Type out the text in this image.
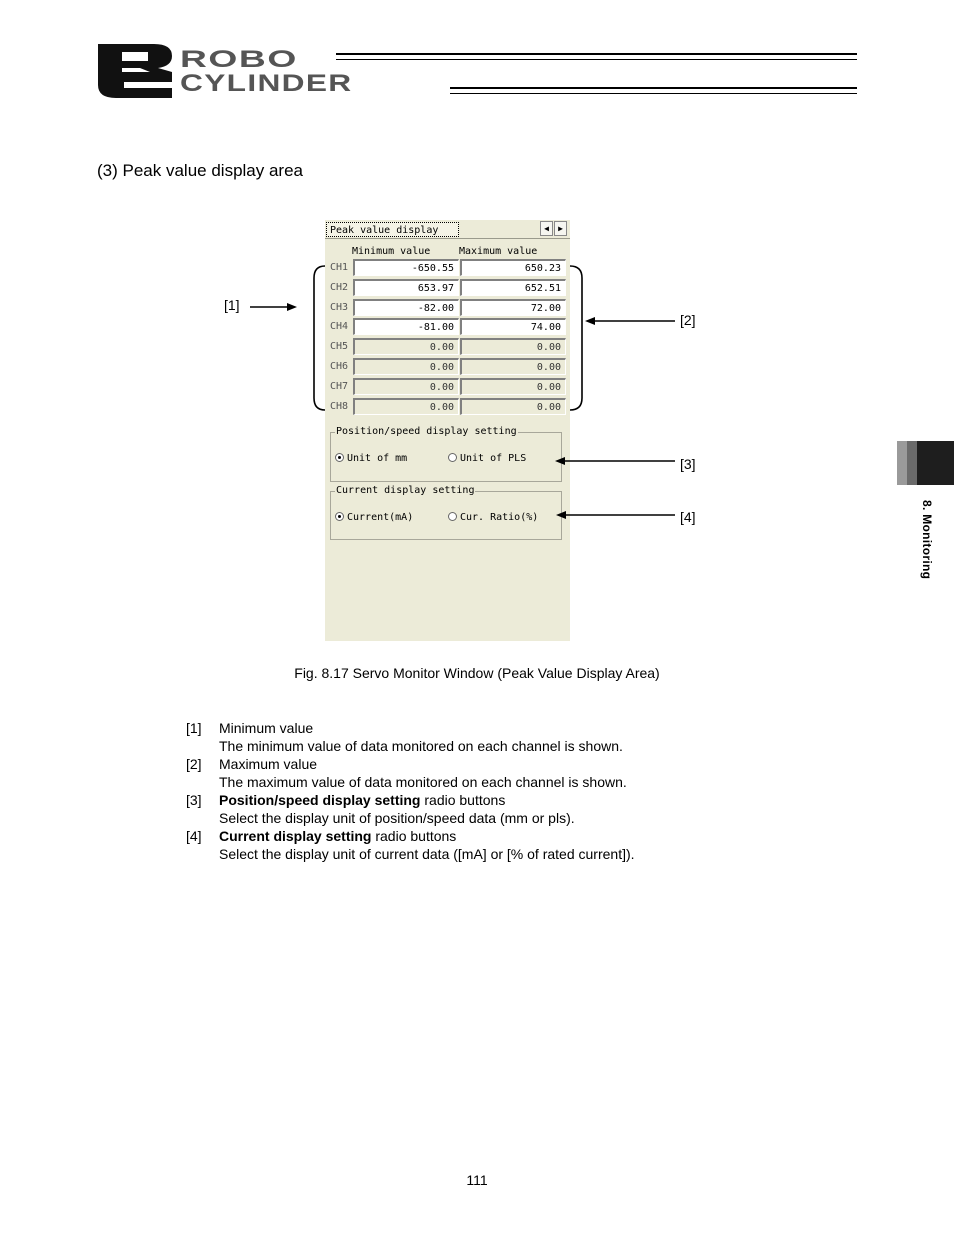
ROBO
CYLINDER
(3) Peak value display area
8. Monitoring
Peak value display	◀	▶
Minimum value	Maximum value
CH1	-650.55	650.23
CH2	653.97	652.51
CH3	-82.00	72.00
CH4	-81.00	74.00
CH5	0.00	0.00
CH6	0.00	0.00
CH7	0.00	0.00
CH8	0.00	0.00
Position/speed display setting
Unit of mm	Unit of PLS
Current display setting
Current(mA)	Cur. Ratio(%)
[1]
[2]
[3]
[4]
Fig. 8.17 Servo Monitor Window (Peak Value Display Area)
[1] Minimum value
The minimum value of data monitored on each channel is shown.
[2] Maximum value
The maximum value of data monitored on each channel is shown.
[3] Position/speed display setting radio buttons
Select the display unit of position/speed data (mm or pls).
[4] Current display setting radio buttons
Select the display unit of current data ([mA] or [% of rated current]).
111
